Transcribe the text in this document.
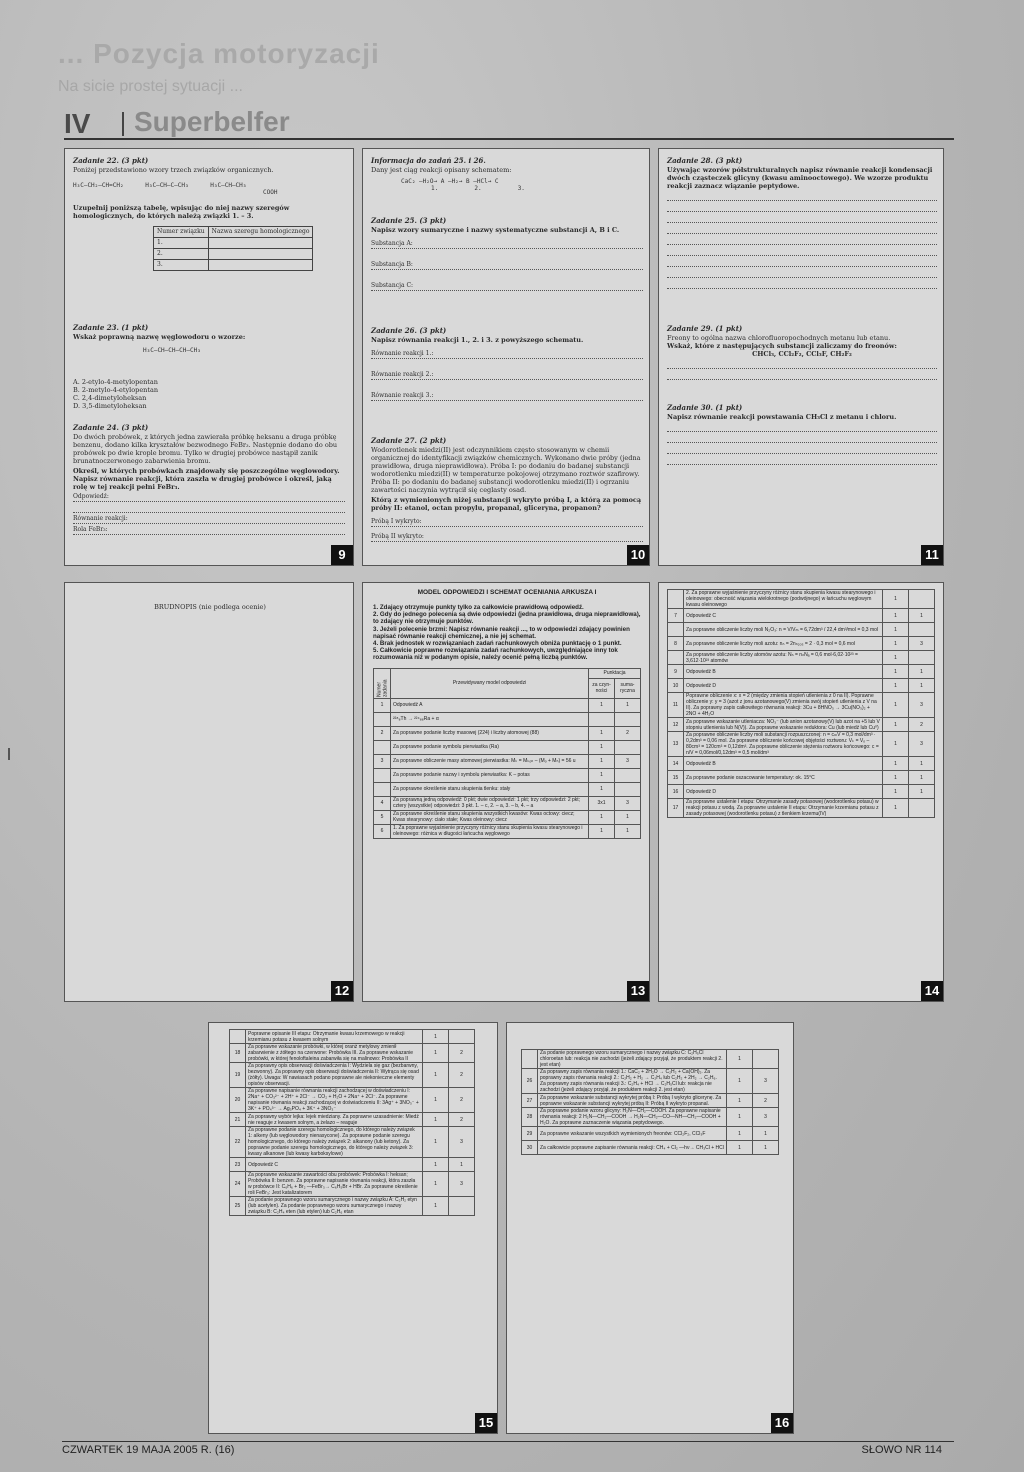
... Pozycja motoryzacji
Na sicie prostej sytuacji ...
IV Superbelfer
Zadanie 22. (3 pkt)

Poniżej przedstawiono wzory trzech związków organicznych.

H₃C—CH₂—CH=CH₂      H₃C—CH—C—CH₃      H₃C—CH—CH₃
COOH

Uzupełnij poniższą tabelę, wpisując do niej nazwy szeregów homologicznych, do których należą związki 1. – 3.

Numer związku	Nazwa szeregu homologicznego
1.	
2.	
3.	
Zadanie 23. (1 pkt)

Wskaż poprawną nazwę węglowodoru o wzorze:

H₃C—CH—CH—CH—CH₃

A. 2-etylo-4-metylopentan

B. 2-metylo-4-etylopentan

C. 2,4-dimetyloheksan

D. 3,5-dimetyloheksan

Zadanie 24. (3 pkt)

Do dwóch probówek, z których jedna zawierała próbkę heksanu a druga próbkę benzenu, dodano kilka kryształów bezwodnego FeBr₃. Następnie dodano do obu probówek po dwie krople bromu. Tylko w drugiej probówce nastąpił zanik brunatnoczerwonego zabarwienia bromu.

Określ, w których probówkach znajdowały się poszczególne węglowodory. Napisz równanie reakcji, która zaszła w drugiej probówce i określ, jaką rolę w tej reakcji pełni FeBr₃.

Odpowiedź:
Równanie reakcji:
Rola FeBr₃:
9
Informacja do zadań 25. i 26.

Dany jest ciąg reakcji opisany schematem:

CaC₂ —H₂O→ A —H₂→ B —HCl→ C
1.          2.          3.
Zadanie 25. (3 pkt)

Napisz wzory sumaryczne i nazwy systematyczne substancji A, B i C.

Substancja A:
Substancja B:
Substancja C:
Zadanie 26. (3 pkt)

Napisz równania reakcji 1., 2. i 3. z powyższego schematu.

Równanie reakcji 1.:
Równanie reakcji 2.:
Równanie reakcji 3.:
Zadanie 27. (2 pkt)

Wodorotlenek miedzi(II) jest odczynnikiem często stosowanym w chemii organicznej do identyfikacji związków chemicznych. Wykonano dwie próby (jedna prawidłowa, druga nieprawidłowa). Próba I: po dodaniu do badanej substancji wodorotlenku miedzi(II) w temperaturze pokojowej otrzymano roztwór szafirowy. Próba II: po dodaniu do badanej substancji wodorotlenku miedzi(II) i ogrzaniu zawartości naczynia wytrącił się ceglasty osad.

Którą z wymienionych niżej substancji wykryto próbą I, a którą za pomocą próby II: etanol, octan propylu, propanal, gliceryna, propanon?

Próbą I wykryto:
Próbą II wykryto:
10
Zadanie 28. (3 pkt)

Używając wzorów półstrukturalnych napisz równanie reakcji kondensacji dwóch cząsteczek glicyny (kwasu aminooctowego). We wzorze produktu reakcji zaznacz wiązanie peptydowe.

Zadanie 29. (1 pkt)

Freony to ogólna nazwa chlorofluoropochodnych metanu lub etanu.

Wskaż, które z następujących substancji zaliczamy do freonów:

CHCl₃, CCl₂F₂, CCl₃F, CH₂F₂

Zadanie 30. (1 pkt)

Napisz równanie reakcji powstawania CH₃Cl z metanu i chloru.

11
BRUDNOPIS (nie podlega ocenie)
12
MODEL ODPOWIEDZI I SCHEMAT OCENIANIA ARKUSZA I

1. Zdający otrzymuje punkty tylko za całkowicie prawidłową odpowiedź.

2. Gdy do jednego polecenia są dwie odpowiedzi (jedna prawidłowa, druga nieprawidłowa), to zdający nie otrzymuje punktów.

3. Jeżeli polecenie brzmi: Napisz równanie reakcji ..., to w odpowiedzi zdający powinien napisać równanie reakcji chemicznej, a nie jej schemat.

4. Brak jednostek w rozwiązaniach zadań rachunkowych obniża punktację o 1 punkt.

5. Całkowicie poprawne rozwiązania zadań rachunkowych, uwzględniające inny tok rozumowania niż w podanym opisie, należy ocenić pełną liczbą punktów.

Numer zadania	Przewidywany model odpowiedzi	Punktacja	
		za czyn-ności	suma-ryczna
1	Odpowiedź A	1	1
	²²⁸₈Th → ²²⁴₈₈Ra + α		
2	Za poprawne podanie liczby masowej (224) i liczby atomowej (88)	1	2
	Za poprawne podanie symbolu pierwiastka (Ra)	1	
3	Za poprawne obliczenie masy atomowej pierwiastka: Mₖ = Mₖₒₕ – (Mₒ + Mₕ) = 56 u	1	3
	Za poprawne podanie nazwy i symbolu pierwiastka: K – potas	1	
	Za poprawne określenie stanu skupienia tlenku: stały	1	
4	Za poprawną jedną odpowiedź: 0 pkt; dwie odpowiedzi: 1 pkt; trzy odpowiedzi: 2 pkt; cztery (wszystkie) odpowiedzi: 3 pkt. 1. – c, 2. – a, 3. – b, 4. – a	3x1	3
5	Za poprawne określenie stanu skupienia wszystkich kwasów: Kwas octowy: ciecz; Kwas stearynowy: ciało stałe; Kwas oleinowy: ciecz	1	1
6	1. Za poprawne wyjaśnienie przyczyny różnicy stanu skupienia kwasu stearynowego i oleinowego: różnica w długości łańcucha węglowego	1	1
13
	2. Za poprawne wyjaśnienie przyczyny różnicy stanu skupienia kwasu stearynowego i oleinowego: obecność wiązania wielokrotnego (podwójnego) w łańcuchu węglowym kwasu oleinowego	1	
7	Odpowiedź C	1	1
	Za poprawne obliczenie liczby moli N₂O₃: n = V/Vₘ = 6,72dm³ / 22,4 dm³/mol = 0,3 mol	1	
8	Za poprawne obliczenie liczby moli azotu: nₙ = 2nₙ₂ₒ₃ = 2 · 0,3 mol = 0,6 mol	1	3
	Za poprawne obliczenie liczby atomów azotu: Nₙ = nₙNₐ = 0,6 mol·6,02·10²³ = 3,612·10²³ atomów	1	
9	Odpowiedź B	1	1
10	Odpowiedź D	1	1
11	Poprawne obliczenie x: x = 2 (między zmienia stopień utlenienia z 0 na II). Poprawne obliczenie y: y = 3 (azot z jonu azotanowego(V) zmienia swój stopień utlenienia z V na II). Za poprawny zapis całkowitego równania reakcji: 3Cu + 8HNO₃ → 3Cu(NO₃)₂ + 2NO + 4H₂O	1	3
12	Za poprawne wskazanie utleniacza: NO₃⁻ (lub anion azotanowy(V) lub azot na +5 lub V stopniu utlenienia lub N(V)). Za poprawne wskazanie reduktora: Cu (lub miedź lub Cu⁰)	1	2
13	Za poprawne obliczenie liczby moli substancji rozpuszczonej: n = cₘV = 0,3 mol/dm³ · 0,2dm³ = 0,06 mol. Za poprawne obliczenie końcowej objętości roztworu: Vₖ = Vₒ – 80cm³ = 120cm³ = 0,12dm³. Za poprawne obliczenie stężenia roztworu końcowego: c = n/V = 0,06mol/0,12dm³ = 0,5 mol/dm³	1	3
14	Odpowiedź B	1	1
15	Za poprawne podanie oszacowanie temperatury: ok. 15°C	1	1
16	Odpowiedź D	1	1
17	Za poprawne ustalenie I etapu: Otrzymanie zasady potasowej (wodorotlenku potasu) w reakcji potasu z wodą. Za poprawne ustalenie II etapu: Otrzymanie krzemianu potasu z zasady potasowej (wodorotlenku potasu) z tlenkiem krzemu(IV)	1	
14
	Poprawne opisanie III etapu: Otrzymanie kwasu krzemowego w reakcji krzemianu potasu z kwasem solnym	1	
18	Za poprawne wskazanie probówki, w której oranż metylowy zmienił zabarwienie z żółtego na czerwone: Probówka III. Za poprawne wskazanie probówki, w której fenoloftaleina zabarwiła się na malinowo: Probówka II	1	2
19	Za poprawny opis obserwacji doświadczenia I: Wydziela się gaz (bezbarwny, bezwonny). Za poprawny opis obserwacji doświadczenia II: Wytrąca się osad (żółty). Uwaga: W nawiasach podano poprawne ale niekonieczne elementy opisów obserwacji.	1	2
20	Za poprawne napisanie równania reakcji zachodzącej w doświadczeniu I: 2Na⁺ + CO₃²⁻ + 2H⁺ + 2Cl⁻ → CO₂ + H₂O + 2Na⁺ + 2Cl⁻. Za poprawne napisanie równania reakcji zachodzącej w doświadczeniu II: 3Ag⁺ + 3NO₃⁻ + 3K⁺ + PO₄³⁻ → Ag₃PO₄ + 3K⁺ + 3NO₃⁻	1	2
21	Za poprawny wybór lejka: lejek miedziany. Za poprawne uzasadnienie: Miedź nie reaguje z kwasem solnym, a żelazo – reaguje	1	2
22	Za poprawne podanie szeregu homologicznego, do którego należy związek 1: alkeny (lub węglowodory nienasycone). Za poprawne podanie szeregu homologicznego, do którego należy związek 2: alkanony (lub ketony). Za poprawne podanie szeregu homologicznego, do którego należy związek 3: kwasy alkanowe (lub kwasy karboksylowe)	1	3
23	Odpowiedź C	1	1
24	Za poprawne wskazanie zawartości obu probówek: Probówka I: heksan; Probówka II: benzen. Za poprawne napisanie równania reakcji, która zaszła w probówce II: C₆H₆ + Br₂ —FeBr₃→ C₆H₅Br + HBr. Za poprawne określenie roli FeBr₃: Jest katalizatorem	1	3
25	Za podanie poprawnego wzoru sumarycznego i nazwy związku A: C₂H₂ etyn (lub acetylen). Za podanie poprawnego wzoru sumarycznego i nazwy związku B: C₂H₄ eten (lub etylen) lub C₂H₆ etan	1	
15
	Za podanie poprawnego wzoru sumarycznego i nazwy związku C: C₂H₅Cl chloroetan lub: reakcja nie zachodzi (jeżeli zdający przyjął, że produktem reakcji 2. jest etan)	1	
26	Za poprawny zapis równania reakcji 1.: CaC₂ + 2H₂O → C₂H₂ + Ca(OH)₂. Za poprawny zapis równania reakcji 2.: C₂H₂ + H₂ → C₂H₄ lub C₂H₂ + 2H₂ → C₂H₆. Za poprawny zapis równania reakcji 3.: C₂H₄ + HCl → C₂H₅Cl lub: reakcja nie zachodzi (jeżeli zdający przyjął, że produktem reakcji 2. jest etan)	1	3
27	Za poprawne wskazanie substancji wykrytej próbą I: Próbą I wykryto glicerynę. Za poprawne wskazanie substancji wykrytej próbą II: Próbą II wykryto propanal.	1	2
28	Za poprawne podanie wzoru glicyny: H₂N—CH₂—COOH. Za poprawne napisanie równania reakcji: 2 H₂N—CH₂—COOH → H₂N—CH₂—CO—NH—CH₂—COOH + H₂O. Za poprawne zaznaczenie wiązania peptydowego.	1	3
29	Za poprawne wskazanie wszystkich wymienionych freonów: CCl₂F₂, CCl₃F	1	1
30	Za całkowicie poprawne zapisanie równania reakcji: CH₄ + Cl₂ —hν→ CH₃Cl + HCl	1	1
16
CZWARTEK 19 MAJA 2005 R. (16)	SŁOWO NR 114
